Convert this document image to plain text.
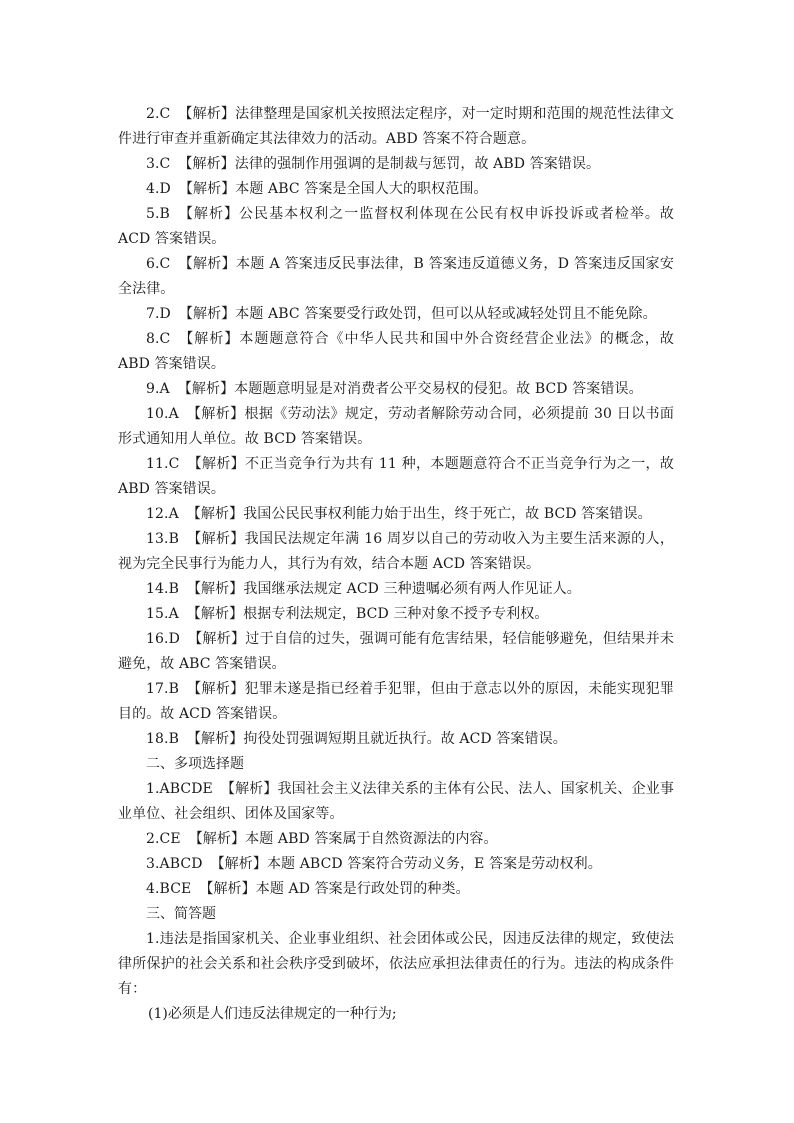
2.C 【解析】法律整理是国家机关按照法定程序，对一定时期和范围的规范性法律文件进行审查并重新确定其法律效力的活动。ABD 答案不符合题意。

3.C 【解析】法律的强制作用强调的是制裁与惩罚，故 ABD 答案错误。

4.D 【解析】本题 ABC 答案是全国人大的职权范围。

5.B 【解析】公民基本权利之一监督权利体现在公民有权申诉投诉或者检举。故 ACD 答案错误。

6.C 【解析】本题 A 答案违反民事法律，B 答案违反道德义务，D 答案违反国家安全法律。

7.D 【解析】本题 ABC 答案要受行政处罚，但可以从轻或减轻处罚且不能免除。

8.C 【解析】本题题意符合《中华人民共和国中外合资经营企业法》的概念，故 ABD 答案错误。

9.A 【解析】本题题意明显是对消费者公平交易权的侵犯。故 BCD 答案错误。

10.A 【解析】根据《劳动法》规定，劳动者解除劳动合同，必须提前 30 日以书面形式通知用人单位。故 BCD 答案错误。

11.C 【解析】不正当竞争行为共有 11 种，本题题意符合不正当竞争行为之一，故 ABD 答案错误。

12.A 【解析】我国公民民事权利能力始于出生，终于死亡，故 BCD 答案错误。

13.B 【解析】我国民法规定年满 16 周岁以自己的劳动收入为主要生活来源的人，视为完全民事行为能力人，其行为有效，结合本题 ACD 答案错误。

14.B 【解析】我国继承法规定 ACD 三种遗嘱必须有两人作见证人。

15.A 【解析】根据专利法规定，BCD 三种对象不授予专利权。

16.D 【解析】过于自信的过失，强调可能有危害结果，轻信能够避免，但结果并未避免，故 ABC 答案错误。

17.B 【解析】犯罪未遂是指已经着手犯罪，但由于意志以外的原因，未能实现犯罪目的。故 ACD 答案错误。

18.B 【解析】拘役处罚强调短期且就近执行。故 ACD 答案错误。

二、多项选择题

1.ABCDE 【解析】我国社会主义法律关系的主体有公民、法人、国家机关、企业事业单位、社会组织、团体及国家等。

2.CE 【解析】本题 ABD 答案属于自然资源法的内容。

3.ABCD 【解析】本题 ABCD 答案符合劳动义务，E 答案是劳动权利。

4.BCE 【解析】本题 AD 答案是行政处罚的种类。

三、简答题

1.违法是指国家机关、企业事业组织、社会团体或公民，因违反法律的规定，致使法律所保护的社会关系和社会秩序受到破坏，依法应承担法律责任的行为。违法的构成条件有：

(1)必须是人们违反法律规定的一种行为;
